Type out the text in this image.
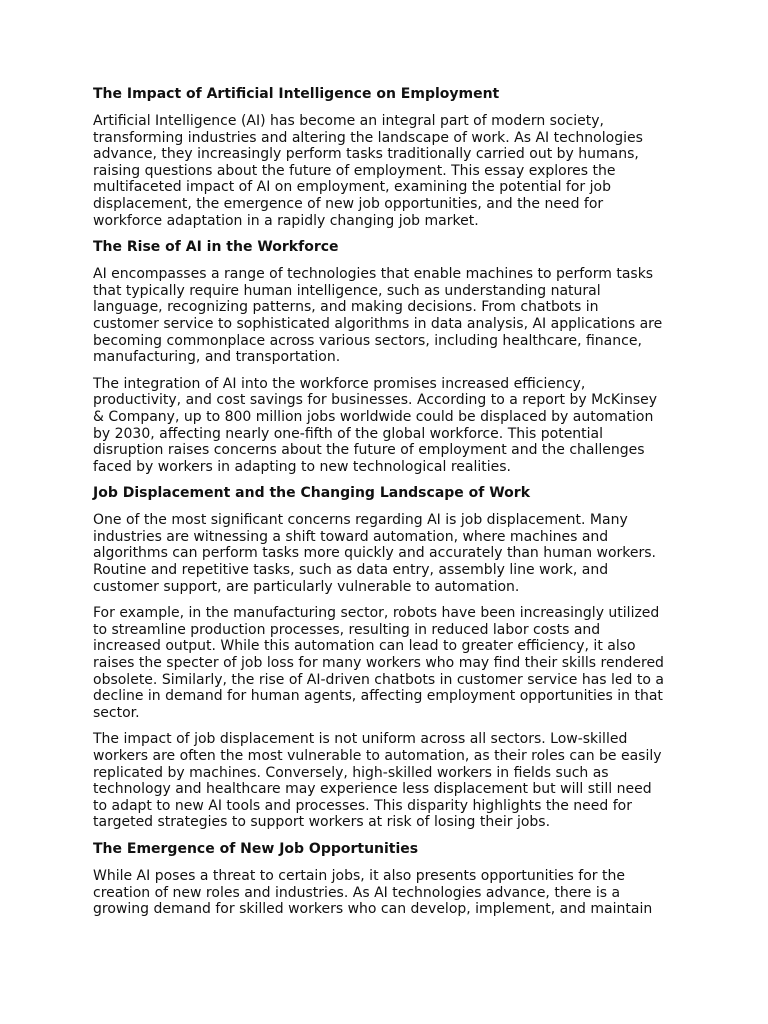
The Impact of Artificial Intelligence on Employment
Artificial Intelligence (AI) has become an integral part of modern society,
transforming industries and altering the landscape of work. As AI technologies
advance, they increasingly perform tasks traditionally carried out by humans,
raising questions about the future of employment. This essay explores the
multifaceted impact of AI on employment, examining the potential for job
displacement, the emergence of new job opportunities, and the need for
workforce adaptation in a rapidly changing job market.
The Rise of AI in the Workforce
AI encompasses a range of technologies that enable machines to perform tasks
that typically require human intelligence, such as understanding natural
language, recognizing patterns, and making decisions. From chatbots in
customer service to sophisticated algorithms in data analysis, AI applications are
becoming commonplace across various sectors, including healthcare, finance,
manufacturing, and transportation.
The integration of AI into the workforce promises increased efficiency,
productivity, and cost savings for businesses. According to a report by McKinsey
& Company, up to 800 million jobs worldwide could be displaced by automation
by 2030, affecting nearly one-fifth of the global workforce. This potential
disruption raises concerns about the future of employment and the challenges
faced by workers in adapting to new technological realities.
Job Displacement and the Changing Landscape of Work
One of the most significant concerns regarding AI is job displacement. Many
industries are witnessing a shift toward automation, where machines and
algorithms can perform tasks more quickly and accurately than human workers.
Routine and repetitive tasks, such as data entry, assembly line work, and
customer support, are particularly vulnerable to automation.
For example, in the manufacturing sector, robots have been increasingly utilized
to streamline production processes, resulting in reduced labor costs and
increased output. While this automation can lead to greater efficiency, it also
raises the specter of job loss for many workers who may find their skills rendered
obsolete. Similarly, the rise of AI-driven chatbots in customer service has led to a
decline in demand for human agents, affecting employment opportunities in that
sector.
The impact of job displacement is not uniform across all sectors. Low-skilled
workers are often the most vulnerable to automation, as their roles can be easily
replicated by machines. Conversely, high-skilled workers in fields such as
technology and healthcare may experience less displacement but will still need
to adapt to new AI tools and processes. This disparity highlights the need for
targeted strategies to support workers at risk of losing their jobs.
The Emergence of New Job Opportunities
While AI poses a threat to certain jobs, it also presents opportunities for the
creation of new roles and industries. As AI technologies advance, there is a
growing demand for skilled workers who can develop, implement, and maintain
